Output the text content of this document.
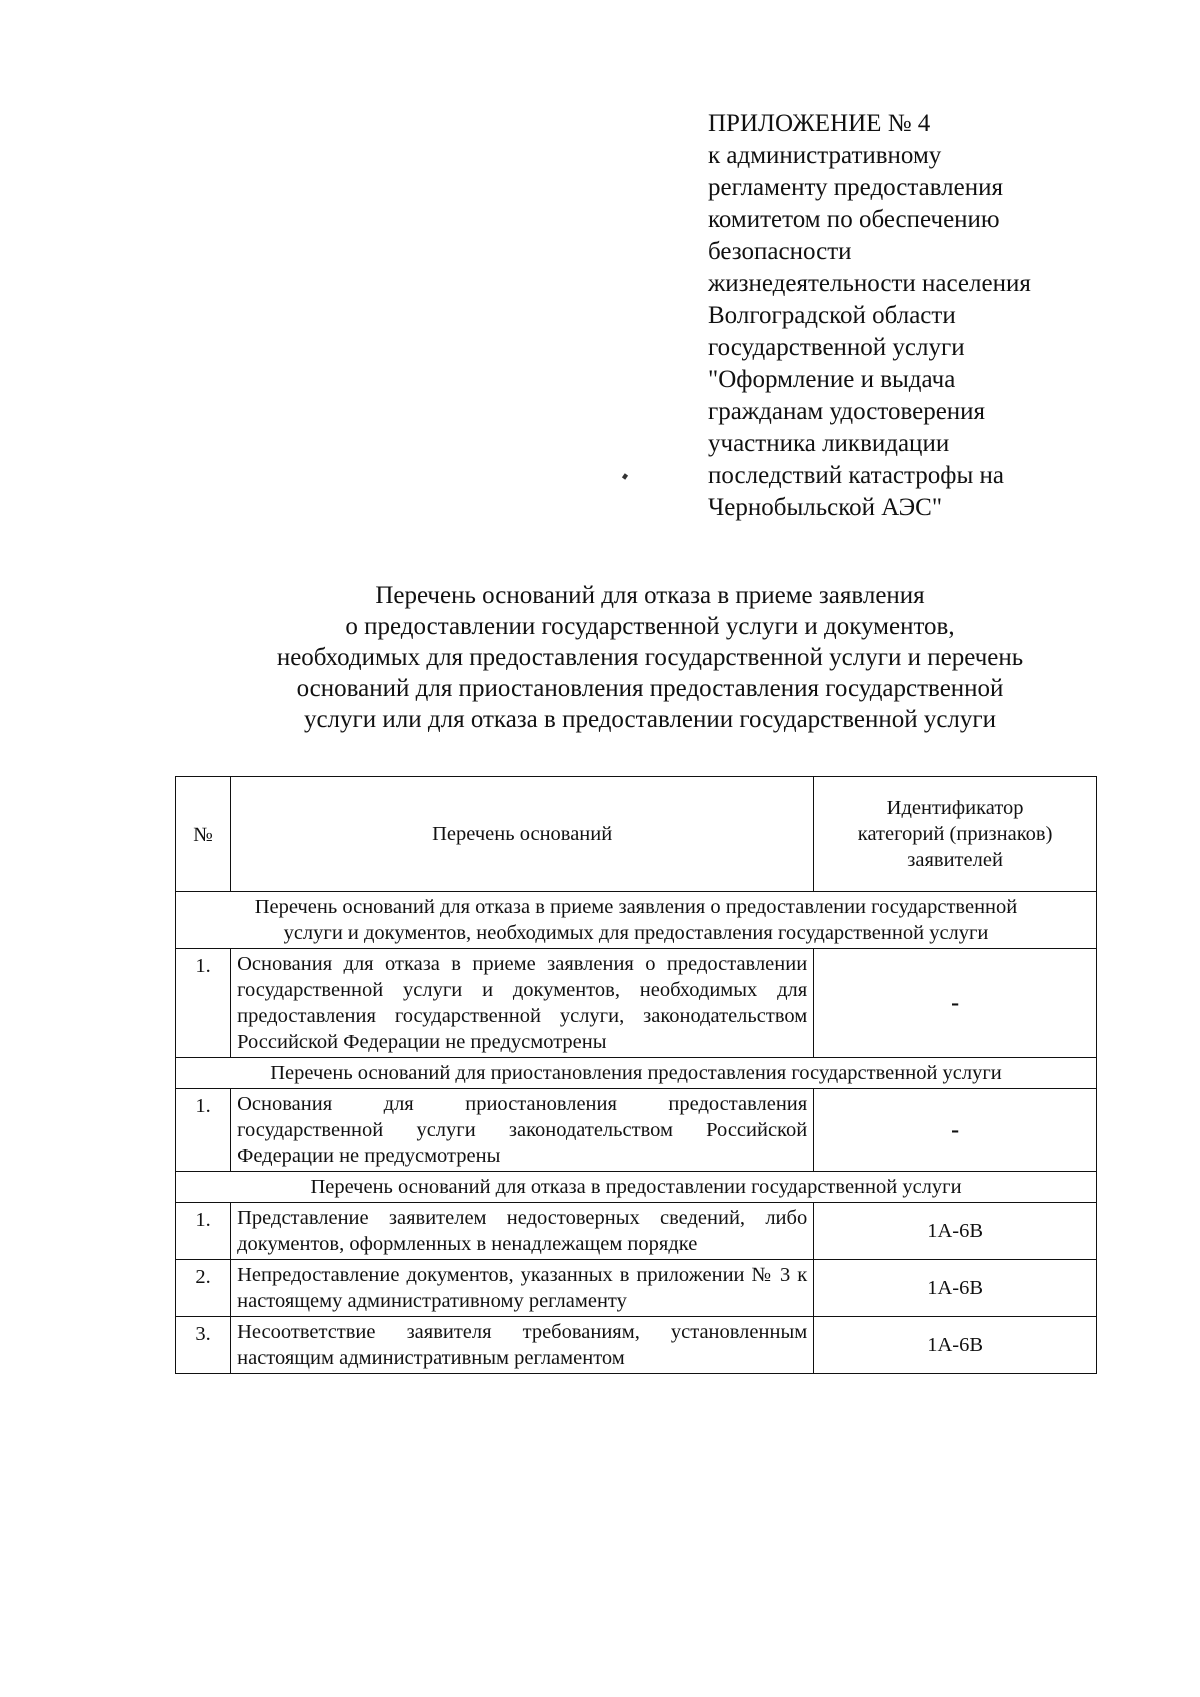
ПРИЛОЖЕНИЕ № 4
к административному
регламенту предоставления
комитетом по обеспечению
безопасности
жизнедеятельности населения
Волгоградской области
государственной услуги
"Оформление и выдача
гражданам удостоверения
участника ликвидации
последствий катастрофы на
Чернобыльской АЭС"
Перечень оснований для отказа в приеме заявления
о предоставлении государственной услуги и документов,
необходимых для предоставления государственной услуги и перечень
оснований для приостановления предоставления государственной
услуги или для отказа в предоставлении государственной услуги
№	Перечень оснований	Идентификатор категорий (признаков) заявителей
Перечень оснований для отказа в приеме заявления о предоставлении государственной услуги и документов, необходимых для предоставления государственной услуги		
1.	Основания для отказа в приеме заявления о предоставлении государственной услуги и документов, необходимых для предоставления государственной услуги, законодательством Российской Федерации не предусмотрены	-
Перечень оснований для приостановления предоставления государственной услуги		
1.	Основания для приостановления предоставления государственной услуги законодательством Российской Федерации не предусмотрены	-
Перечень оснований для отказа в предоставлении государственной услуги		
1.	Представление заявителем недостоверных сведений, либо документов, оформленных в ненадлежащем порядке	1А-6В
2.	Непредоставление документов, указанных в приложении № 3 к настоящему административному регламенту	1А-6В
3.	Несоответствие заявителя требованиям, установленным настоящим административным регламентом	1А-6В
